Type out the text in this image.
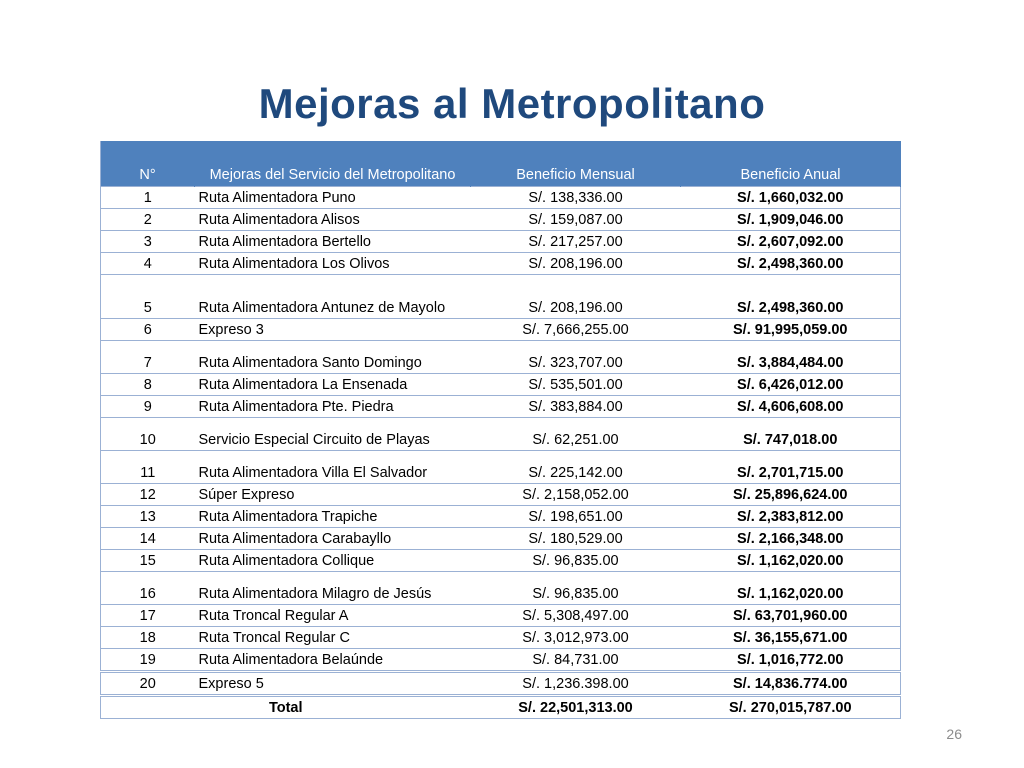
Mejoras al Metropolitano
N°	Mejoras del Servicio del Metropolitano	Beneficio Mensual	Beneficio Anual
1	Ruta Alimentadora Puno	S/. 138,336.00	S/. 1,660,032.00
2	Ruta Alimentadora Alisos	S/. 159,087.00	S/. 1,909,046.00
3	Ruta Alimentadora Bertello	S/. 217,257.00	S/. 2,607,092.00
4	Ruta Alimentadora Los Olivos	S/. 208,196.00	S/. 2,498,360.00
5	Ruta Alimentadora Antunez de Mayolo	S/. 208,196.00	S/. 2,498,360.00
6	Expreso 3	S/. 7,666,255.00	S/. 91,995,059.00
7	Ruta Alimentadora Santo Domingo	S/. 323,707.00	S/. 3,884,484.00
8	Ruta Alimentadora La Ensenada	S/. 535,501.00	S/. 6,426,012.00
9	Ruta Alimentadora Pte. Piedra	S/. 383,884.00	S/. 4,606,608.00
10	Servicio Especial Circuito de Playas	S/. 62,251.00	S/. 747,018.00
11	Ruta Alimentadora Villa El Salvador	S/. 225,142.00	S/. 2,701,715.00
12	Súper Expreso	S/. 2,158,052.00	S/. 25,896,624.00
13	Ruta Alimentadora Trapiche	S/. 198,651.00	S/. 2,383,812.00
14	Ruta Alimentadora Carabayllo	S/. 180,529.00	S/. 2,166,348.00
15	Ruta Alimentadora Collique	S/. 96,835.00	S/. 1,162,020.00
16	Ruta Alimentadora Milagro de Jesús	S/. 96,835.00	S/. 1,162,020.00
17	Ruta Troncal Regular A	S/. 5,308,497.00	S/. 63,701,960.00
18	Ruta Troncal Regular C	S/. 3,012,973.00	S/. 36,155,671.00
19	Ruta Alimentadora Belaúnde	S/. 84,731.00	S/. 1,016,772.00
20	Expreso 5	S/. 1,236.398.00	S/. 14,836.774.00
Total		S/. 22,501,313.00	S/. 270,015,787.00
26
